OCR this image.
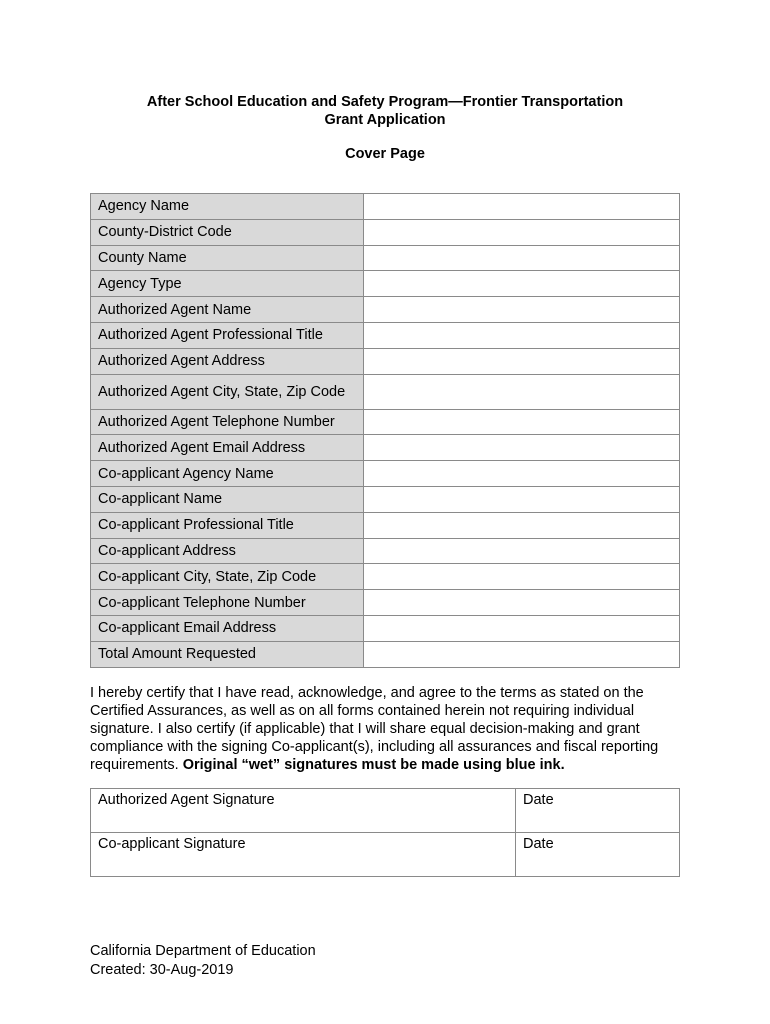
After School Education and Safety Program—Frontier Transportation
Grant Application
Cover Page
Agency Name	
County-District Code	
County Name	
Agency Type	
Authorized Agent Name	
Authorized Agent Professional Title	
Authorized Agent Address	
Authorized Agent City, State, Zip Code	
Authorized Agent Telephone Number	
Authorized Agent Email Address	
Co-applicant Agency Name	
Co-applicant Name	
Co-applicant Professional Title	
Co-applicant Address	
Co-applicant City, State, Zip Code	
Co-applicant Telephone Number	
Co-applicant Email Address	
Total Amount Requested	
I hereby certify that I have read, acknowledge, and agree to the terms as stated on the Certified Assurances, as well as on all forms contained herein not requiring individual signature. I also certify (if applicable) that I will share equal decision-making and grant compliance with the signing Co-applicant(s), including all assurances and fiscal reporting requirements. Original “wet” signatures must be made using blue ink.
Authorized Agent Signature	Date
Co-applicant Signature	Date
California Department of Education
Created: 30-Aug-2019
